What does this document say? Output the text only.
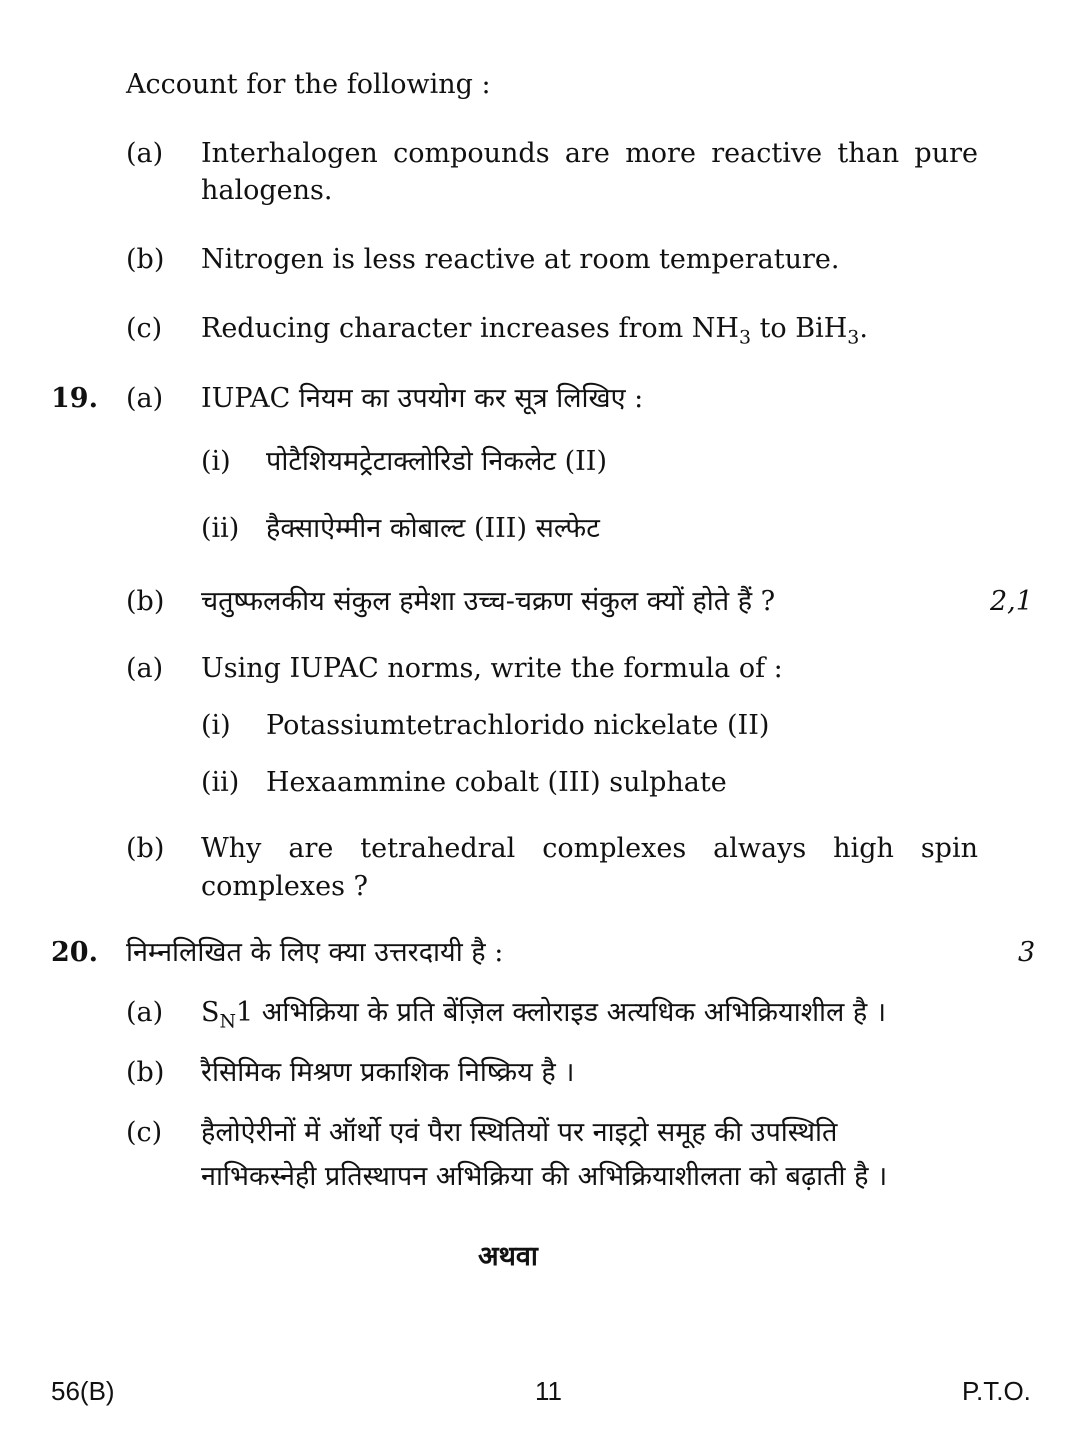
Account for the following :
(a) Interhalogen compounds are more reactive than pure
halogens.
(b) Nitrogen is less reactive at room temperature.
(c) Reducing character increases from $NH_3$ to BiH$_3$.
19. (a) IUPAC नियम का उपयोग कर सूत्र लिखिए :
(i) पोटैशियमट्रेटाक्लोरिडो निकलेट (II)
(ii) हैक्साऐम्मीन कोबाल्ट (III) सल्फेट
(b) चतुष्फलकीय संकुल हमेशा उच्च-चक्रण संकुल क्यों होते हैं ?	2,1
(a) Using IUPAC norms, write the formula of :
(i) Potassiumtetrachlorido nickelate (II)
(ii) Hexaammine cobalt (III) sulphate
(b) Why are tetrahedral complexes always high spin
complexes ?
20. निम्नलिखित के लिए क्या उत्तरदायी है :	3
(a) $S_N1$ अभिक्रिया के प्रति बेंज़िल क्लोराइड अत्यधिक अभिक्रियाशील है ।
(b) रैसिमिक मिश्रण प्रकाशिक निष्क्रिय है ।
(c) हैलोऐरीनों में ऑर्थो एवं पैरा स्थितियों पर नाइट्रो समूह की उपस्थिति
नाभिकस्नेही प्रतिस्थापन अभिक्रिया की अभिक्रियाशीलता को बढ़ाती है ।
अथवा
56(B)	11	P.T.O.
